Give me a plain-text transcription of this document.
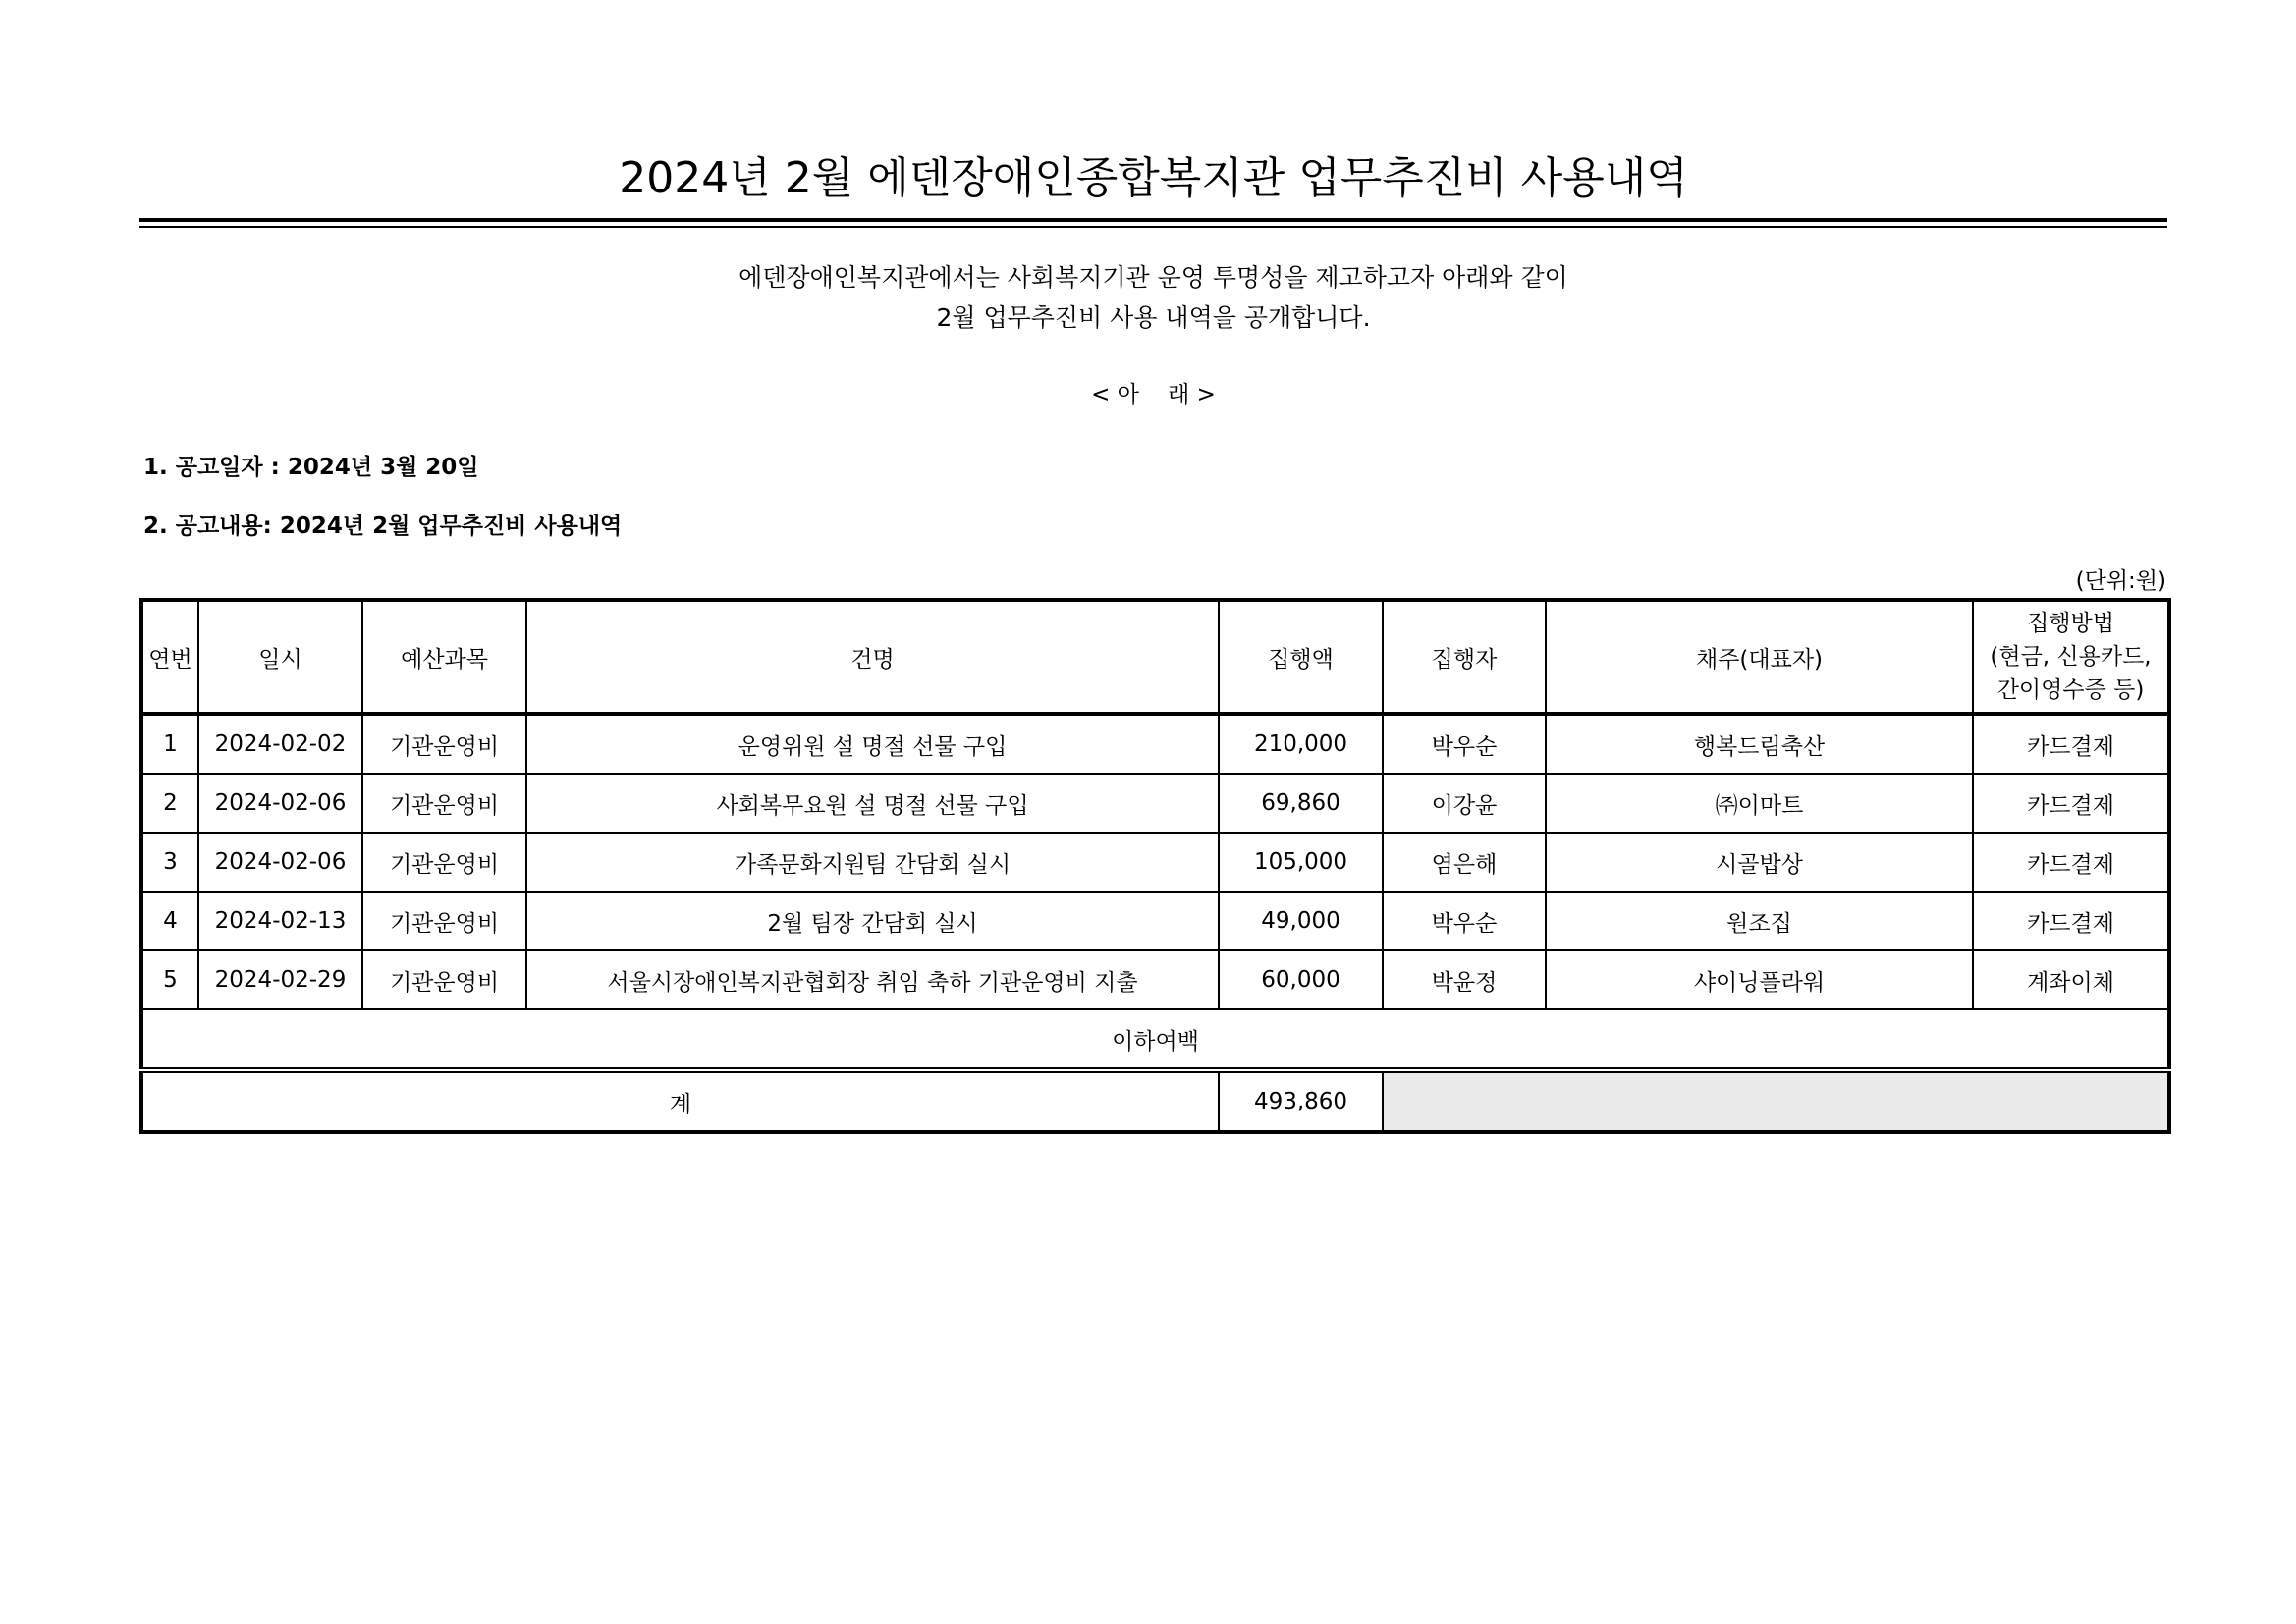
2024년 2월 에덴장애인종합복지관 업무추진비 사용내역
에덴장애인복지관에서는 사회복지기관 운영 투명성을 제고하고자 아래와 같이
2월 업무추진비 사용 내역을 공개합니다.
< 아    래 >
1. 공고일자 : 2024년 3월 20일
2. 공고내용: 2024년 2월 업무추진비 사용내역
(단위:원)
연번	일시	예산과목	건명	집행액	집행자	채주(대표자)	집행방법
(현금, 신용카드,
간이영수증 등)

1	2024-02-02	기관운영비	운영위원 설 명절 선물 구입	210,000	박우순	행복드림축산	카드결제
2	2024-02-06	기관운영비	사회복무요원 설 명절 선물 구입	69,860	이강윤	㈜이마트	카드결제
3	2024-02-06	기관운영비	가족문화지원팀 간담회 실시	105,000	염은해	시골밥상	카드결제
4	2024-02-13	기관운영비	2월 팀장 간담회 실시	49,000	박우순	원조집	카드결제
5	2024-02-29	기관운영비	서울시장애인복지관협회장 취임 축하 기관운영비 지출	60,000	박윤정	샤이닝플라워	계좌이체
이하여백							
계				493,860			
